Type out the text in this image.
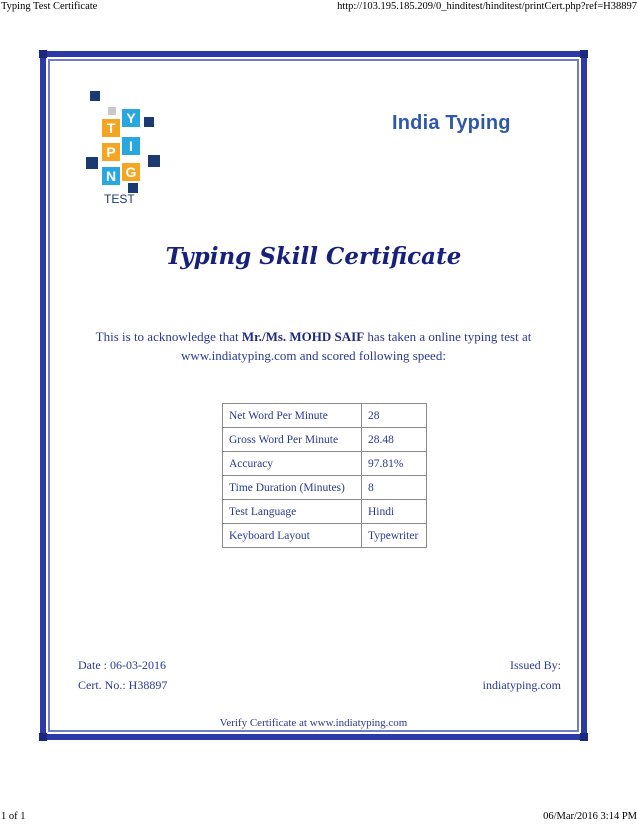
Typing Test Certificate	http://103.195.185.209/0_hinditest/hinditest/printCert.php?ref=H38897
T
Y
P I
N G
TEST
India Typing
Typing Skill Certificate
This is to acknowledge that Mr./Ms. MOHD SAIF has taken a online typing test at www.indiatyping.com and scored following speed:
Net Word Per Minute	28
Gross Word Per Minute	28.48
Accuracy	97.81%
Time Duration (Minutes)	8
Test Language	Hindi
Keyboard Layout	Typewriter
Date : 06-03-2016
Cert. No.: H38897
Issued By:
indiatyping.com
Verify Certificate at www.indiatyping.com
1 of 1	06/Mar/2016 3:14 PM
